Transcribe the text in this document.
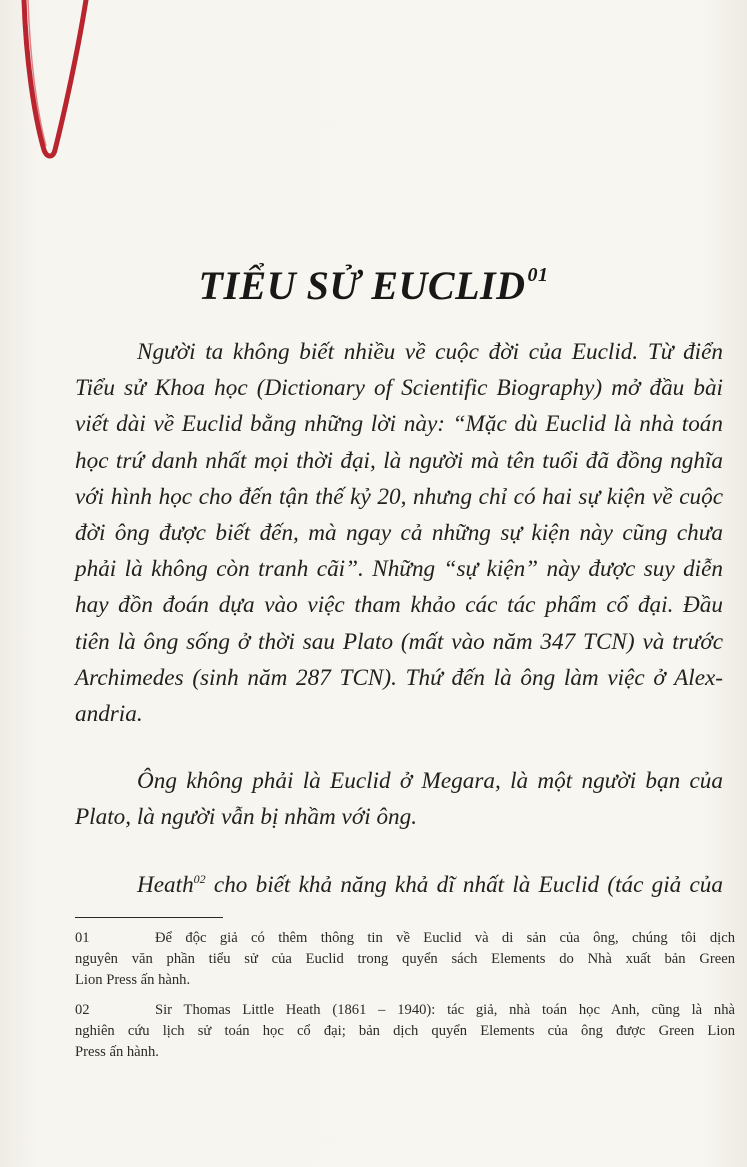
TIỂU SỬ EUCLID $^{01}$
Người ta không biết nhiều về cuộc đời của Euclid. Từ điển
Tiểu sử Khoa học (Dictionary of Scientific Biography) mở đầu bài
viết dài về Euclid bằng những lời này: “Mặc dù Euclid là nhà toán
học trứ danh nhất mọi thời đại, là người mà tên tuổi đã đồng nghĩa
với hình học cho đến tận thế kỷ 20, nhưng chỉ có hai sự kiện về cuộc
đời ông được biết đến, mà ngay cả những sự kiện này cũng chưa
phải là không còn tranh cãi”. Những “sự kiện” này được suy diễn
hay đồn đoán dựa vào việc tham khảo các tác phẩm cổ đại. Đầu
tiên là ông sống ở thời sau Plato (mất vào năm 347 TCN) và trước
Archimedes (sinh năm 287 TCN). Thứ đến là ông làm việc ở Alex-
andria.
Ông không phải là Euclid ở Megara, là một người bạn của
Plato, là người vẫn bị nhầm với ông.
Heath$^{02}$ cho biết khả năng khả dĩ nhất là Euclid (tác giả của
01	Để độc giả có thêm thông tin về Euclid và di sản của ông, chúng tôi dịch
nguyên văn phần tiểu sử của Euclid trong quyển sách Elements do Nhà xuất bản Green
Lion Press ấn hành.
02	Sir Thomas Little Heath (1861 – 1940): tác giả, nhà toán học Anh, cũng là nhà
nghiên cứu lịch sử toán học cổ đại; bản dịch quyển Elements của ông được Green Lion
Press ấn hành.
